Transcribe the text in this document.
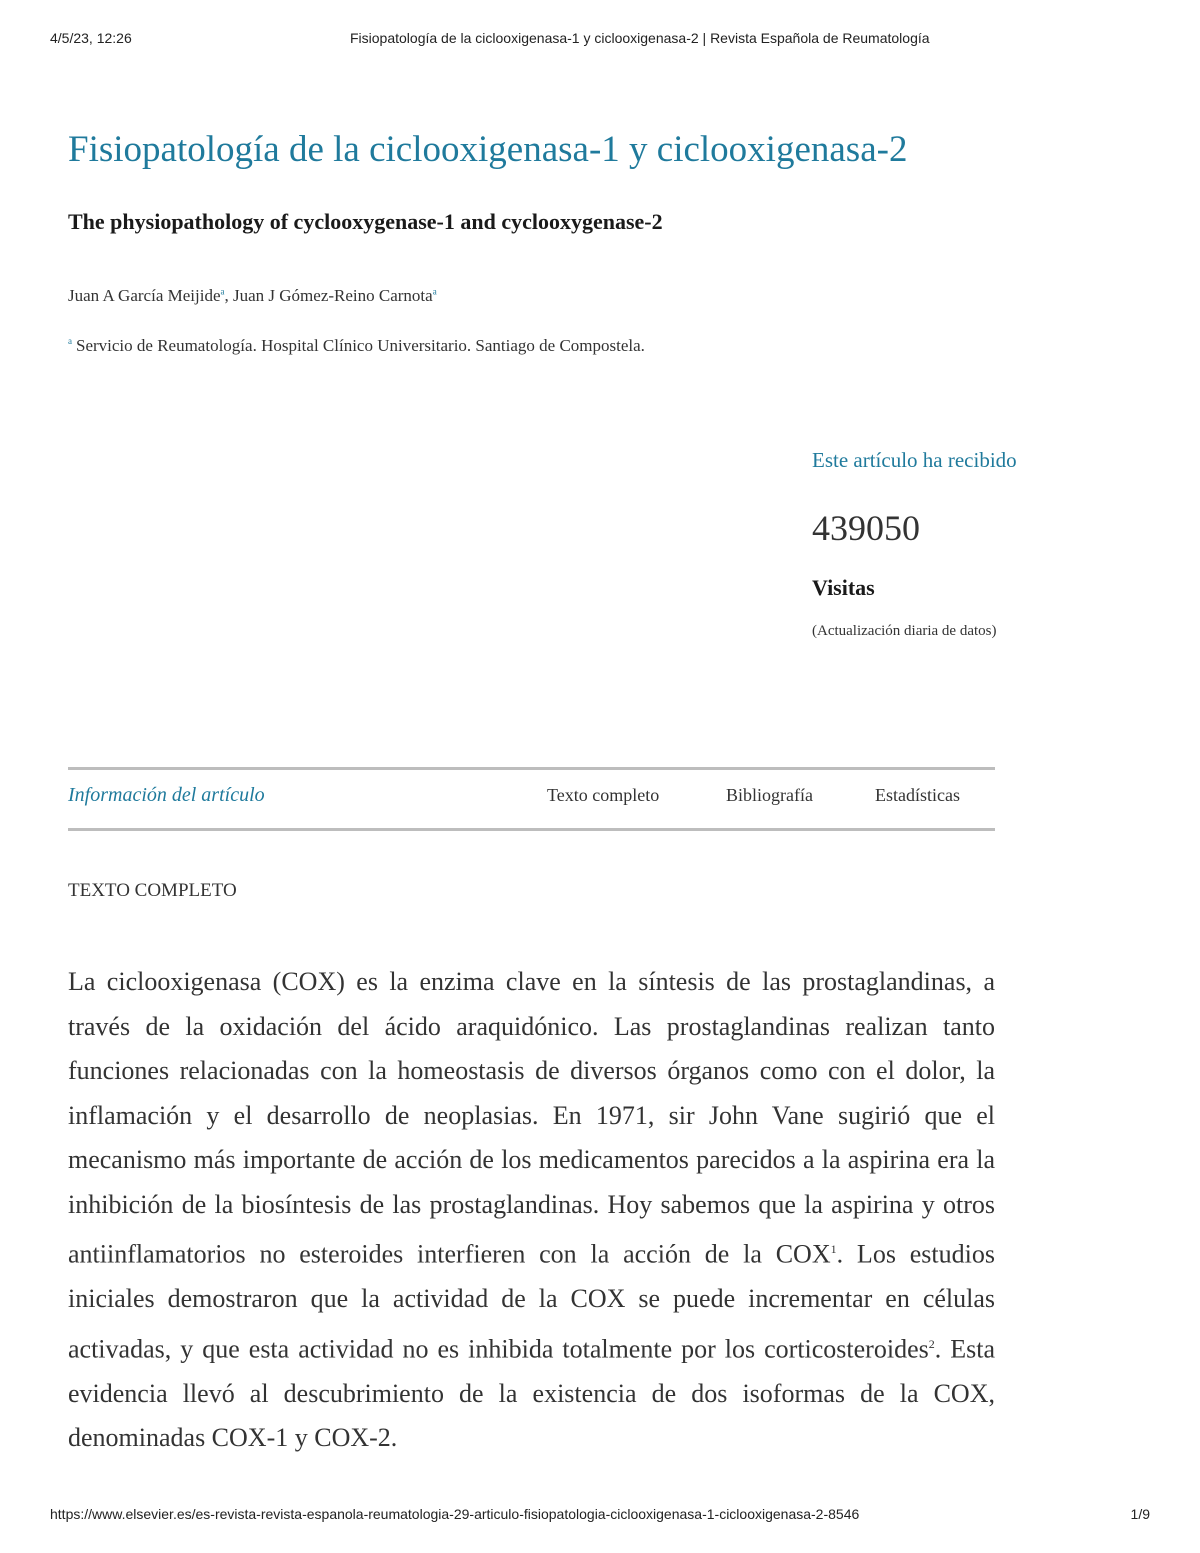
4/5/23, 12:26	Fisiopatología de la ciclooxigenasa-1 y ciclooxigenasa-2 | Revista Española de Reumatología
Fisiopatología de la ciclooxigenasa-1 y ciclooxigenasa-2
The physiopathology of cyclooxygenase-1 and cyclooxygenase-2
Juan A García Meijide$^a$, Juan J Gómez-Reino Carnota$^a$
$^a$ Servicio de Reumatología. Hospital Clínico Universitario. Santiago de Compostela.
Este artículo ha recibido
439050
Visitas
(Actualización diaria de datos)
Información del artículo	Texto completo	Bibliografía	Estadísticas
TEXTO COMPLETO

La ciclooxigenasa (COX) es la enzima clave en la síntesis de las prostaglandinas, a través de la oxidación del ácido araquidónico. Las prostaglandinas realizan tanto funciones relacionadas con la homeostasis de diversos órganos como con el dolor, la inflamación y el desarrollo de neoplasias. En 1971, sir John Vane sugirió que el mecanismo más importante de acción de los medicamentos parecidos a la aspirina era la inhibición de la biosíntesis de las prostaglandinas. Hoy sabemos que la aspirina y otros antiinflamatorios no esteroides interfieren con la acción de la COX$^1$. Los estudios iniciales demostraron que la actividad de la COX se puede incrementar en células activadas, y que esta actividad no es inhibida totalmente por los corticosteroides$^2$. Esta evidencia llevó al descubrimiento de la existencia de dos isoformas de la COX, denominadas COX-1 y COX-2.

https://www.elsevier.es/es-revista-revista-espanola-reumatologia-29-articulo-fisiopatologia-ciclooxigenasa-1-ciclooxigenasa-2-8546	1/9
